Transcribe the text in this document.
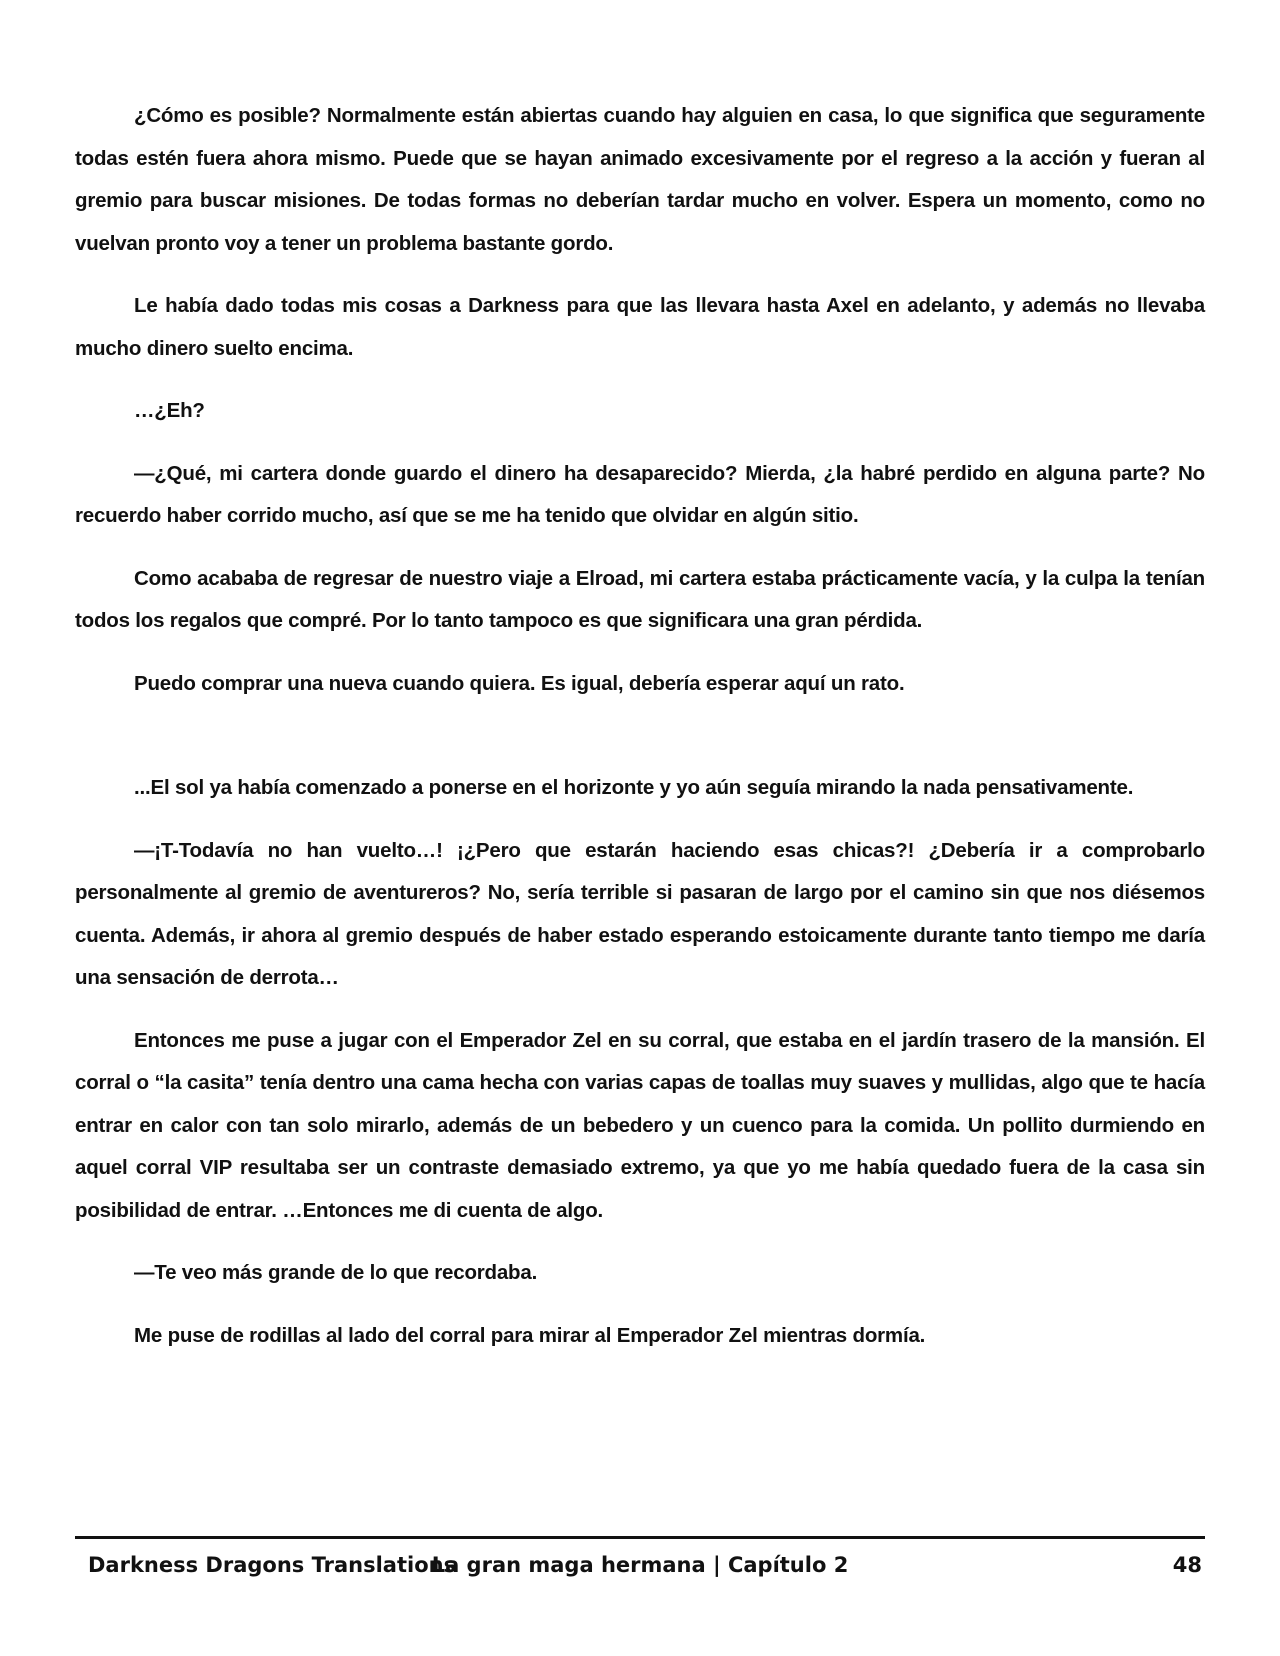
¿Cómo es posible? Normalmente están abiertas cuando hay alguien en casa, lo que significa que seguramente todas estén fuera ahora mismo. Puede que se hayan animado excesivamente por el regreso a la acción y fueran al gremio para buscar misiones. De todas formas no deberían tardar mucho en volver. Espera un momento, como no vuelvan pronto voy a tener un problema bastante gordo.

Le había dado todas mis cosas a Darkness para que las llevara hasta Axel en adelanto, y además no llevaba mucho dinero suelto encima.

…¿Eh?

—¿Qué, mi cartera donde guardo el dinero ha desaparecido? Mierda, ¿la habré perdido en alguna parte? No recuerdo haber corrido mucho, así que se me ha tenido que olvidar en algún sitio.

Como acababa de regresar de nuestro viaje a Elroad, mi cartera estaba prácticamente vacía, y la culpa la tenían todos los regalos que compré. Por lo tanto tampoco es que significara una gran pérdida.

Puedo comprar una nueva cuando quiera. Es igual, debería esperar aquí un rato.

...El sol ya había comenzado a ponerse en el horizonte y yo aún seguía mirando la nada pensativamente.

—¡T-Todavía no han vuelto…! ¡¿Pero que estarán haciendo esas chicas?! ¿Debería ir a comprobarlo personalmente al gremio de aventureros? No, sería terrible si pasaran de largo por el camino sin que nos diésemos cuenta. Además, ir ahora al gremio después de haber estado esperando estoicamente durante tanto tiempo me daría una sensación de derrota…

Entonces me puse a jugar con el Emperador Zel en su corral, que estaba en el jardín trasero de la mansión. El corral o “la casita” tenía dentro una cama hecha con varias capas de toallas muy suaves y mullidas, algo que te hacía entrar en calor con tan solo mirarlo, además de un bebedero y un cuenco para la comida. Un pollito durmiendo en aquel corral VIP resultaba ser un contraste demasiado extremo, ya que yo me había quedado fuera de la casa sin posibilidad de entrar. …Entonces me di cuenta de algo.

—Te veo más grande de lo que recordaba.

Me puse de rodillas al lado del corral para mirar al Emperador Zel mientras dormía.

La gran maga hermana | Capítulo 2
Darkness Dragons Translations	48
